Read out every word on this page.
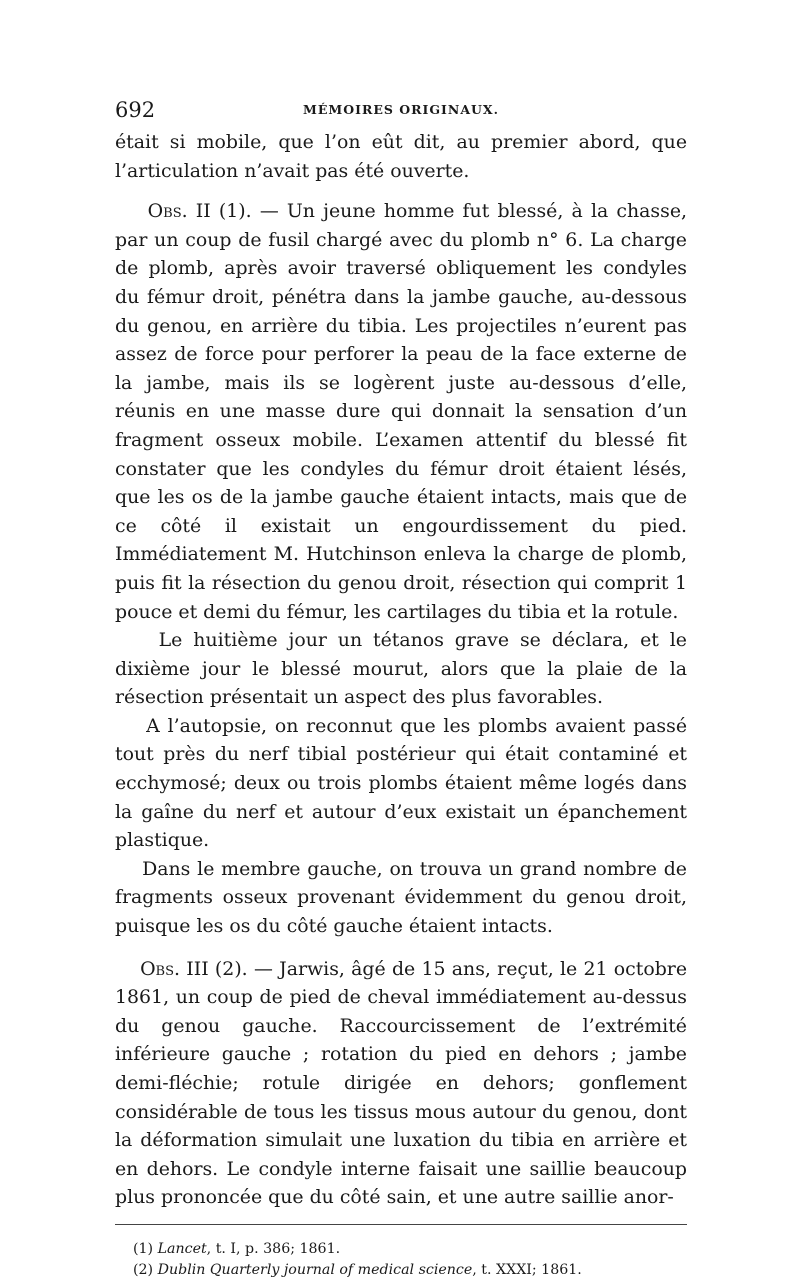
692	MÉMOIRES ORIGINAUX.

était si mobile, que l’on eût dit, au premier abord, que l’articulation n’avait pas été ouverte.

Obs. II (1). — Un jeune homme fut blessé, à la chasse, par un coup de fusil chargé avec du plomb n° 6. La charge de plomb, après avoir traversé obliquement les condyles du fémur droit, pénétra dans la jambe gauche, au-dessous du genou, en arrière du tibia. Les projectiles n’eurent pas assez de force pour perforer la peau de la face externe de la jambe, mais ils se logèrent juste au-dessous d’elle, réunis en une masse dure qui donnait la sensation d’un fragment osseux mobile. L’examen attentif du blessé fit constater que les condyles du fémur droit étaient lésés, que les os de la jambe gauche étaient intacts, mais que de ce côté il existait un engourdissement du pied. Immédiatement M. Hutchinson enleva la charge de plomb, puis fit la résection du genou droit, résection qui comprit 1 pouce et demi du fémur, les cartilages du tibia et la rotule.

Le huitième jour un tétanos grave se déclara, et le dixième jour le blessé mourut, alors que la plaie de la résection présentait un aspect des plus favorables.

A l’autopsie, on reconnut que les plombs avaient passé tout près du nerf tibial postérieur qui était contaminé et ecchymosé; deux ou trois plombs étaient même logés dans la gaîne du nerf et autour d’eux existait un épanchement plastique.

Dans le membre gauche, on trouva un grand nombre de fragments osseux provenant évidemment du genou droit, puisque les os du côté gauche étaient intacts.

Obs. III (2). — Jarwis, âgé de 15 ans, reçut, le 21 octobre 1861, un coup de pied de cheval immédiatement au-dessus du genou gauche. Raccourcissement de l’extrémité inférieure gauche ; rotation du pied en dehors ; jambe demi-fléchie; rotule dirigée en dehors; gonflement considérable de tous les tissus mous autour du genou, dont la déformation simulait une luxation du tibia en arrière et en dehors. Le condyle interne faisait une saillie beaucoup plus prononcée que du côté sain, et une autre saillie anor-

(1) Lancet, t. I, p. 386; 1861.

(2) Dublin Quarterly journal of medical science, t. XXXI; 1861.
